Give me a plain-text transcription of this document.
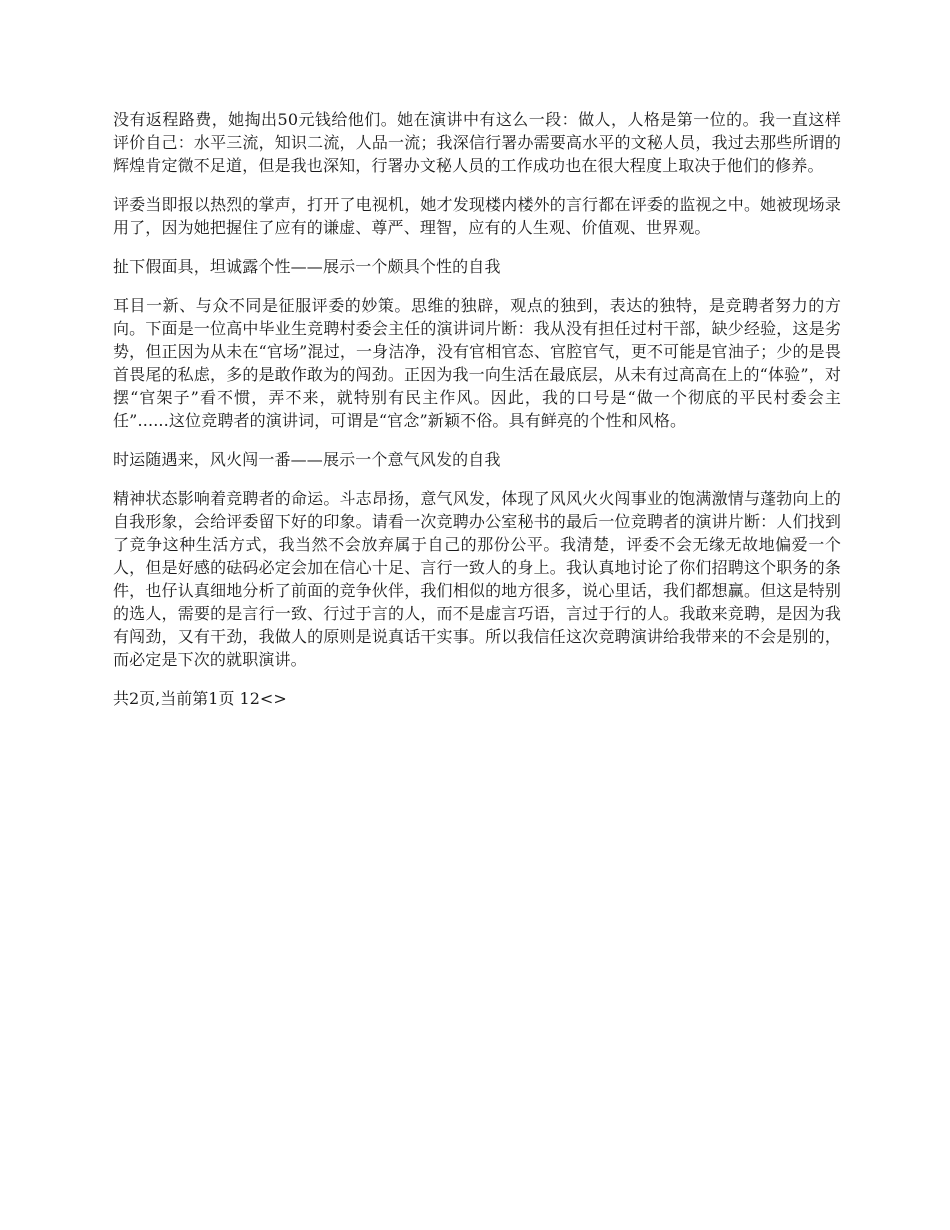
没有返程路费，她掏出50元钱给他们。她在演讲中有这么一段：做人，人格是第一位的。我一直这样评价自己：水平三流，知识二流，人品一流；我深信行署办需要高水平的文秘人员，我过去那些所谓的辉煌肯定微不足道，但是我也深知，行署办文秘人员的工作成功也在很大程度上取决于他们的修养。

评委当即报以热烈的掌声，打开了电视机，她才发现楼内楼外的言行都在评委的监视之中。她被现场录用了，因为她把握住了应有的谦虚、尊严、理智，应有的人生观、价值观、世界观。

扯下假面具，坦诚露个性——展示一个颇具个性的自我

耳目一新、与众不同是征服评委的妙策。思维的独辟，观点的独到，表达的独特，是竞聘者努力的方向。下面是一位高中毕业生竞聘村委会主任的演讲词片断：我从没有担任过村干部，缺少经验，这是劣势，但正因为从未在“官场”混过，一身洁净，没有官相官态、官腔官气，更不可能是官油子；少的是畏首畏尾的私虑，多的是敢作敢为的闯劲。正因为我一向生活在最底层，从未有过高高在上的“体验”，对摆“官架子”看不惯，弄不来，就特别有民主作风。因此，我的口号是“做一个彻底的平民村委会主任”......这位竞聘者的演讲词，可谓是“官念”新颖不俗。具有鲜亮的个性和风格。

时运随遇来，风火闯一番——展示一个意气风发的自我

精神状态影响着竞聘者的命运。斗志昂扬，意气风发，体现了风风火火闯事业的饱满激情与蓬勃向上的自我形象，会给评委留下好的印象。请看一次竞聘办公室秘书的最后一位竞聘者的演讲片断：人们找到了竞争这种生活方式，我当然不会放弃属于自己的那份公平。我清楚，评委不会无缘无故地偏爱一个人，但是好感的砝码必定会加在信心十足、言行一致人的身上。我认真地讨论了你们招聘这个职务的条件，也仔认真细地分析了前面的竞争伙伴，我们相似的地方很多，说心里话，我们都想赢。但这是特别的选人，需要的是言行一致、行过于言的人，而不是虚言巧语，言过于行的人。我敢来竞聘，是因为我有闯劲，又有干劲，我做人的原则是说真话干实事。所以我信任这次竞聘演讲给我带来的不会是别的，而必定是下次的就职演讲。

共2页,当前第1页 12<>
